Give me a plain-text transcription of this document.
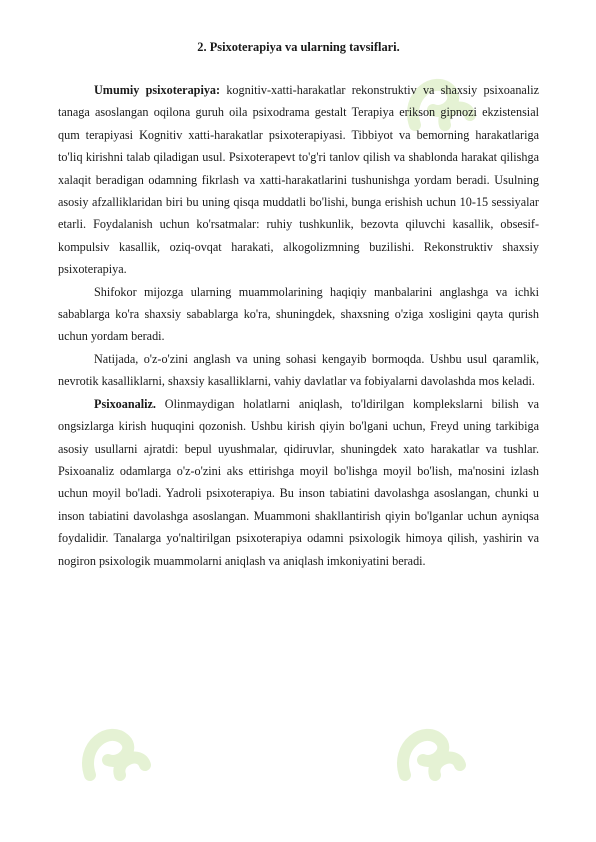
2. Psixoterapiya va ularning tavsiflari.

Umumiy psixoterapiya: kognitiv-xatti-harakatlar rekonstruktiv va shaxsiy psixoanaliz tanaga asoslangan oqilona guruh oila psixodrama gestalt Terapiya erikson gipnozi ekzistensial qum terapiyasi Kognitiv xatti-harakatlar psixoterapiyasi. Tibbiyot va bemorning harakatlariga to'liq kirishni talab qiladigan usul. Psixoterapevt to'g'ri tanlov qilish va shablonda harakat qilishga xalaqit beradigan odamning fikrlash va xatti-harakatlarini tushunishga yordam beradi. Usulning asosiy afzalliklaridan biri bu uning qisqa muddatli bo'lishi, bunga erishish uchun 10-15 sessiyalar etarli. Foydalanish uchun ko'rsatmalar: ruhiy tushkunlik, bezovta qiluvchi kasallik, obsesif-kompulsiv kasallik, oziq-ovqat harakati, alkogolizmning buzilishi. Rekonstruktiv shaxsiy psixoterapiya.

Shifokor mijozga ularning muammolarining haqiqiy manbalarini anglashga va ichki sabablarga ko'ra shaxsiy sabablarga ko'ra, shuningdek, shaxsning o'ziga xosligini qayta qurish uchun yordam beradi.

Natijada, o'z-o'zini anglash va uning sohasi kengayib bormoqda. Ushbu usul qaramlik, nevrotik kasalliklarni, shaxsiy kasalliklarni, vahiy davlatlar va fobiyalarni davolashda mos keladi.

Psixoanaliz. Olinmaydigan holatlarni aniqlash, to'ldirilgan komplekslarni bilish va ongsizlarga kirish huquqini qozonish. Ushbu kirish qiyin bo'lgani uchun, Freyd uning tarkibiga asosiy usullarni ajratdi: bepul uyushmalar, qidiruvlar, shuningdek xato harakatlar va tushlar. Psixoanaliz odamlarga o'z-o'zini aks ettirishga moyil bo'lishga moyil bo'lish, ma'nosini izlash uchun moyil bo'ladi. Yadroli psixoterapiya. Bu inson tabiatini davolashga asoslangan, chunki u inson tabiatini davolashga asoslangan. Muammoni shakllantirish qiyin bo'lganlar uchun ayniqsa foydalidir. Tanalarga yo'naltirilgan psixoterapiya odamni psixologik himoya qilish, yashirin va nogiron psixologik muammolarni aniqlash va aniqlash imkoniyatini beradi.
